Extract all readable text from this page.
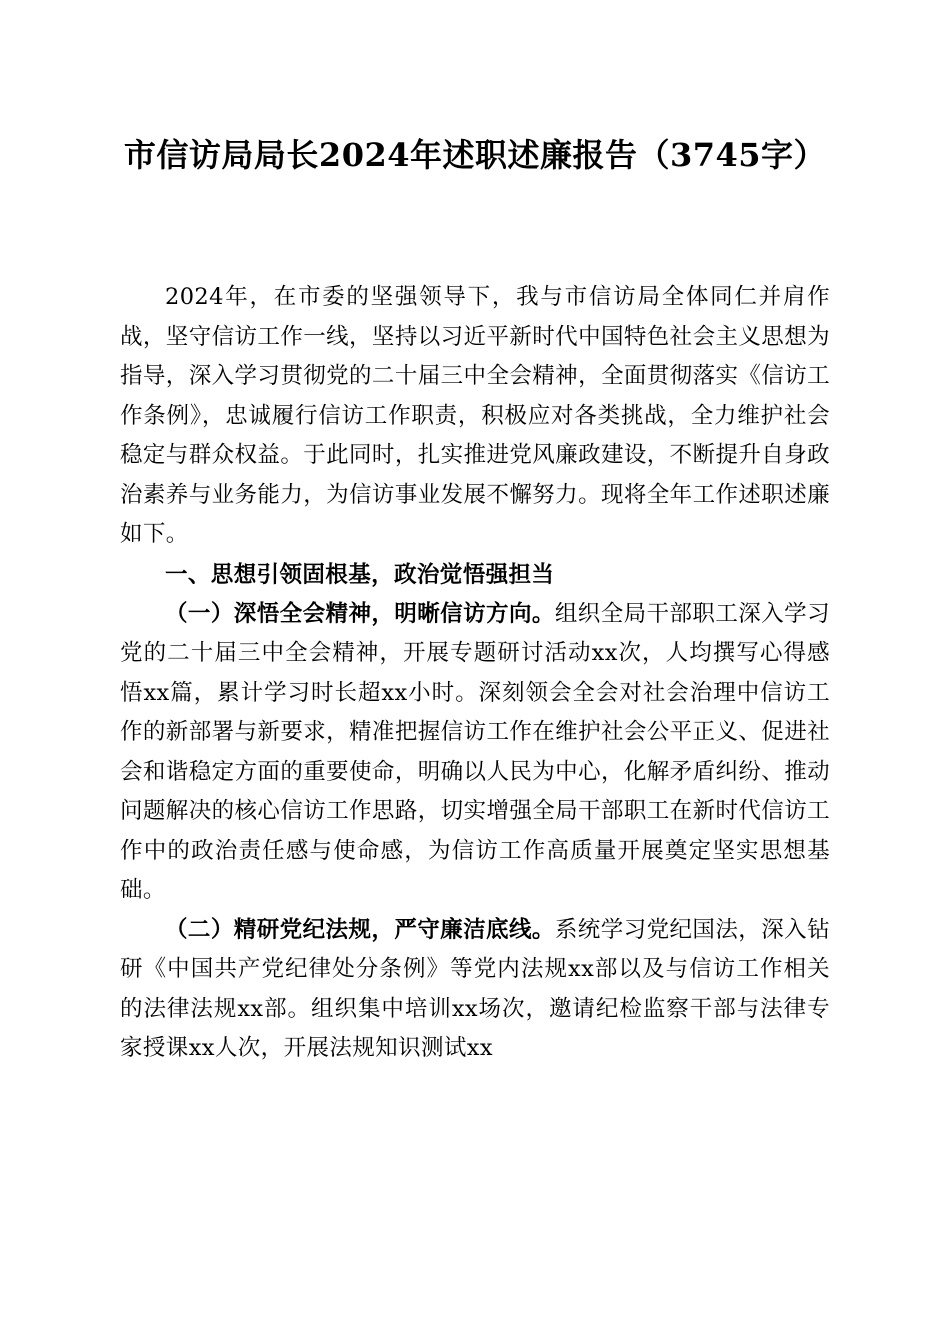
市信访局局长2024年述职述廉报告（3745字）

2024年，在市委的坚强领导下，我与市信访局全体同仁并肩作战，坚守信访工作一线，坚持以习近平新时代中国特色社会主义思想为指导，深入学习贯彻党的二十届三中全会精神，全面贯彻落实《信访工作条例》，忠诚履行信访工作职责，积极应对各类挑战，全力维护社会稳定与群众权益。于此同时，扎实推进党风廉政建设，不断提升自身政治素养与业务能力，为信访事业发展不懈努力。现将全年工作述职述廉如下。

一、思想引领固根基，政治觉悟强担当

（一）深悟全会精神，明晰信访方向。组织全局干部职工深入学习党的二十届三中全会精神，开展专题研讨活动xx次，人均撰写心得感悟xx篇，累计学习时长超xx小时。深刻领会全会对社会治理中信访工作的新部署与新要求，精准把握信访工作在维护社会公平正义、促进社会和谐稳定方面的重要使命，明确以人民为中心，化解矛盾纠纷、推动问题解决的核心信访工作思路，切实增强全局干部职工在新时代信访工作中的政治责任感与使命感，为信访工作高质量开展奠定坚实思想基础。

（二）精研党纪法规，严守廉洁底线。系统学习党纪国法，深入钻研《中国共产党纪律处分条例》等党内法规xx部以及与信访工作相关的法律法规xx部。组织集中培训xx场次，邀请纪检监察干部与法律专家授课xx人次，开展法规知识测试xx
